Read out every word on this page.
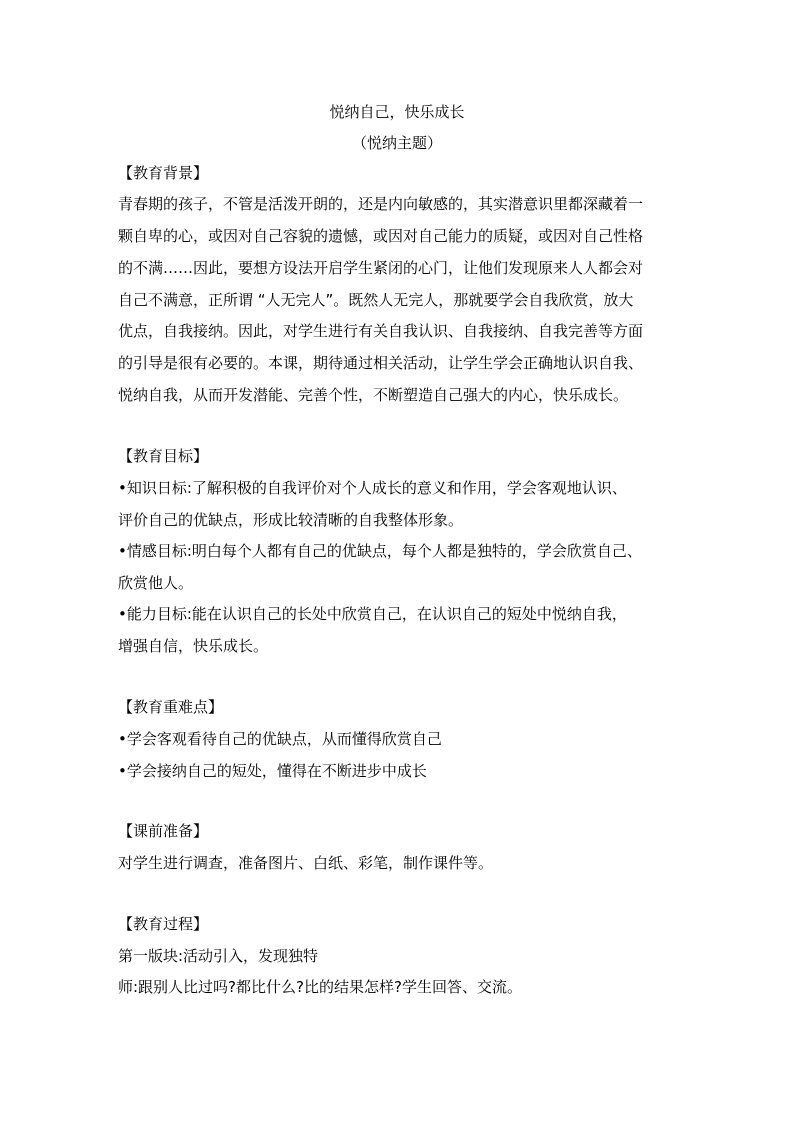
悦纳自己，快乐成长
（悦纳主题）
【教育背景】
青春期的孩子，不管是活泼开朗的，还是内向敏感的，其实潜意识里都深藏着一
颗自卑的心，或因对自己容貌的遗憾，或因对自己能力的质疑，或因对自己性格
的不满……因此，要想方设法开启学生紧闭的心门，让他们发现原来人人都会对
自己不满意，正所谓 “人无完人”。既然人无完人，那就要学会自我欣赏，放大
优点，自我接纳。因此，对学生进行有关自我认识、自我接纳、自我完善等方面
的引导是很有必要的。本课，期待通过相关活动，让学生学会正确地认识自我、
悦纳自我，从而开发潜能、完善个性，不断塑造自己强大的内心，快乐成长。
【教育目标】
•知识日标:了解积极的自我评价对个人成长的意义和作用，学会客观地认识、
评价自己的优缺点，形成比较清晰的自我整体形象。
•情感目标:明白每个人都有自己的优缺点，每个人都是独特的，学会欣赏自己、
欣赏他人。
•能力目标:能在认识自己的长处中欣赏自己，在认识自己的短处中悦纳自我，
增强自信，快乐成长。
【教育重难点】
•学会客观看待自己的优缺点，从而懂得欣赏自己
•学会接纳自己的短处，懂得在不断进步中成长
【课前准备】
对学生进行调查，准备图片、白纸、彩笔，制作课件等。
【教育过程】
第一版块:活动引入，发现独特
师:跟别人比过吗?都比什么?比的结果怎样?学生回答、交流。
